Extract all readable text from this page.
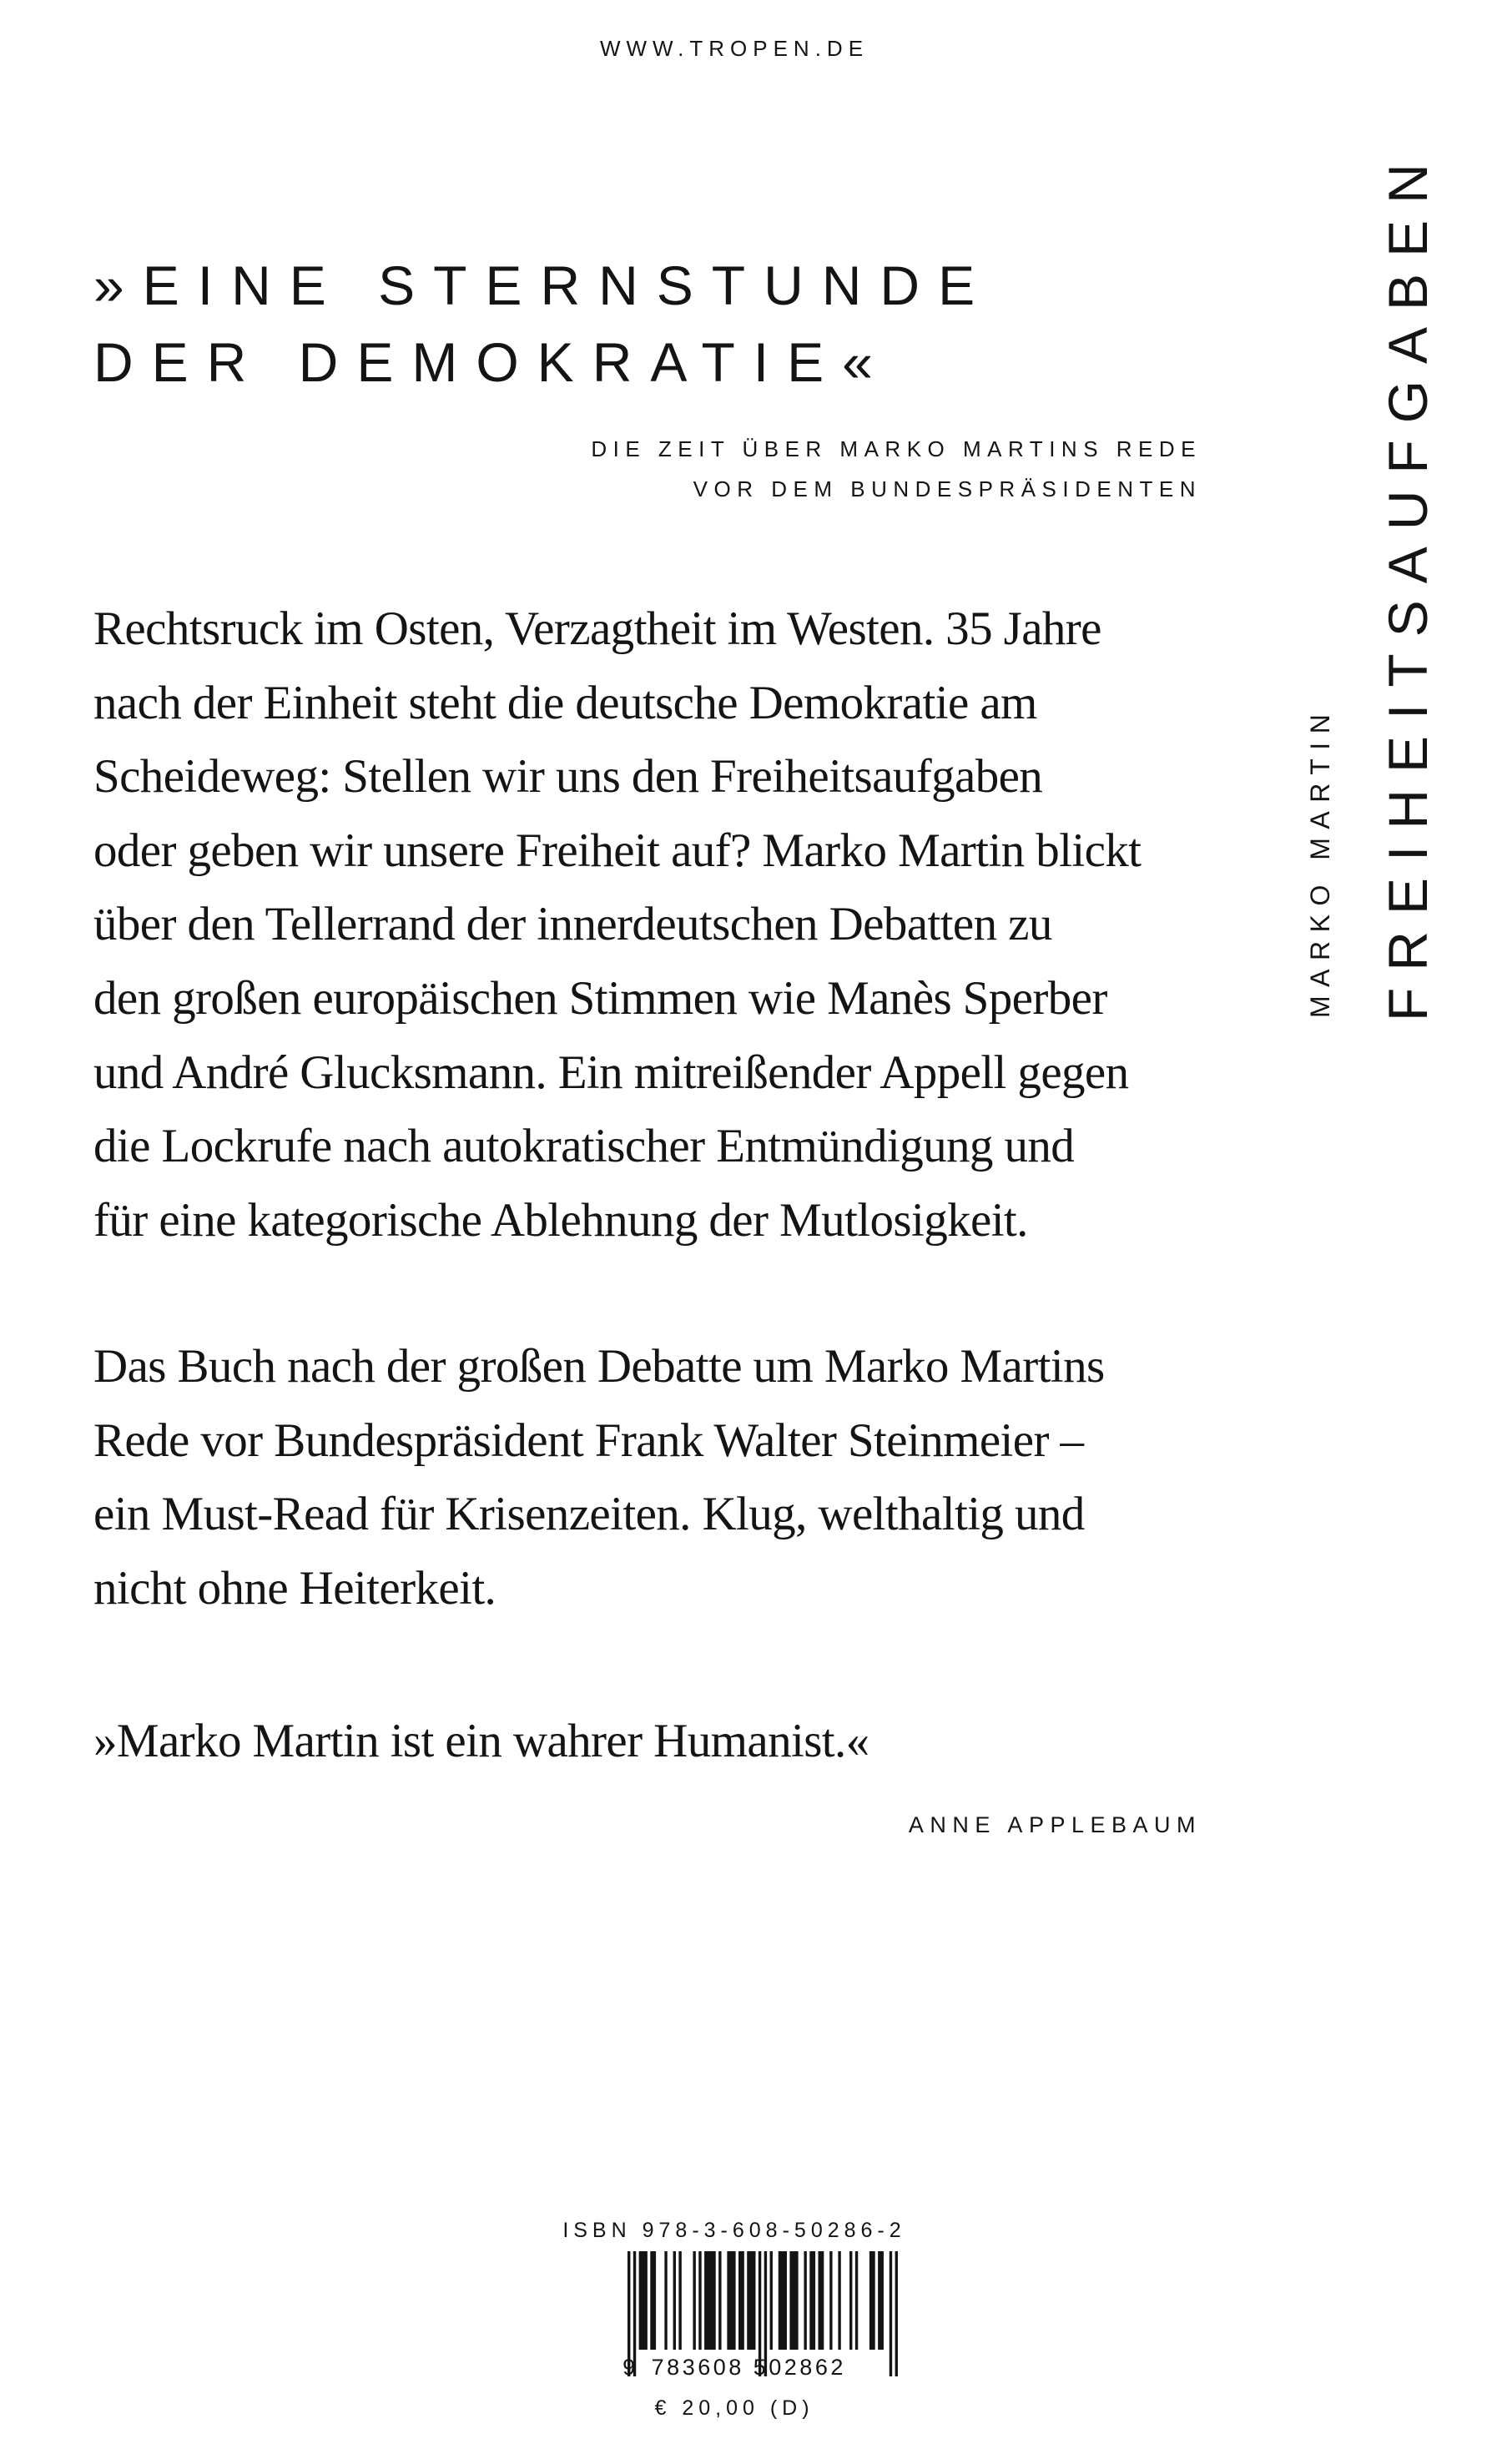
WWW.TROPEN.DE
»EINE STERNSTUNDE
DER DEMOKRATIE«
DIE ZEIT ÜBER MARKO MARTINS REDE
VOR DEM BUNDESPRÄSIDENTEN

Rechtsruck im Osten, Verzagtheit im Westen. 35 Jahre
nach der Einheit steht die deutsche Demokratie am
Scheideweg: Stellen wir uns den Freiheitsaufgaben
oder geben wir unsere Freiheit auf? Marko Martin blickt
über den Tellerrand der innerdeutschen Debatten zu
den großen europäischen Stimmen wie Manès Sperber
und André Glucksmann. Ein mitreißender Appell gegen
die Lockrufe nach autokratischer Entmündigung und
für eine kategorische Ablehnung der Mutlosigkeit.

Das Buch nach der großen Debatte um Marko Martins
Rede vor Bundespräsident Frank Walter Steinmeier –
ein Must-Read für Krisenzeiten. Klug, welthaltig und
nicht ohne Heiterkeit.

»Marko Martin ist ein wahrer Humanist.«

ANNE APPLEBAUM
MARKO MARTIN FREIHEITSAUFGABEN
ISBN 978-3-608-50286-2
9 783608 502862
€ 20,00 (D)
